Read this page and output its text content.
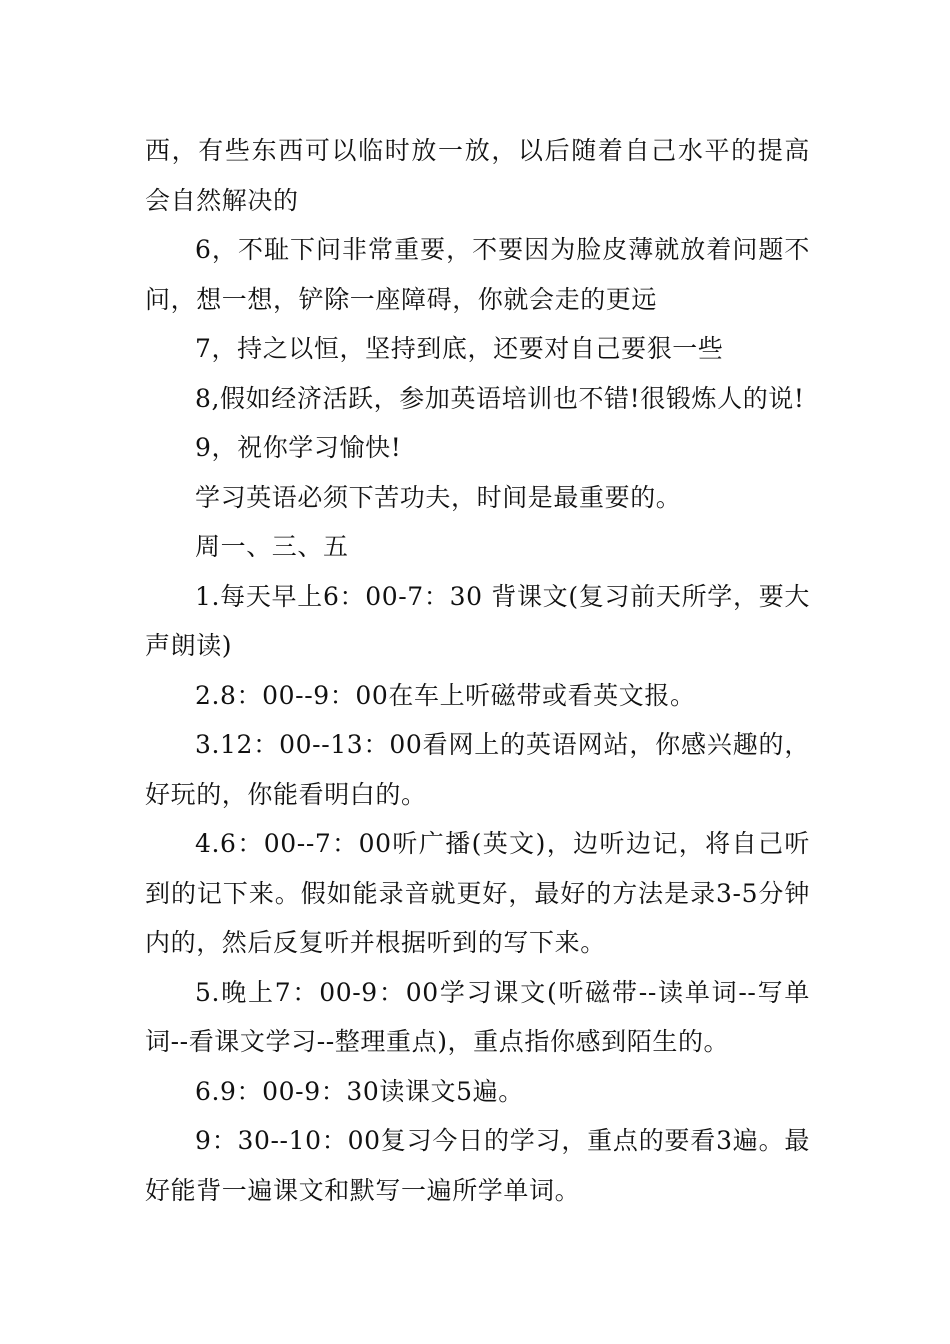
西，有些东西可以临时放一放，以后随着自己水平的提高会自然解决的

6，不耻下问非常重要，不要因为脸皮薄就放着问题不问，想一想，铲除一座障碍，你就会走的更远

7，持之以恒，坚持到底，还要对自己要狠一些

8,假如经济活跃，参加英语培训也不错!很锻炼人的说!

9，祝你学习愉快!

学习英语必须下苦功夫，时间是最重要的。

周一、三、五

1.每天早上6：00-7：30 背课文(复习前天所学，要大声朗读)

2.8：00--9：00在车上听磁带或看英文报。

3.12：00--13：00看网上的英语网站，你感兴趣的，好玩的，你能看明白的。

4.6：00--7：00听广播(英文)，边听边记，将自己听到的记下来。假如能录音就更好，最好的方法是录3-5分钟内的，然后反复听并根据听到的写下来。

5.晚上7：00-9：00学习课文(听磁带--读单词--写单词--看课文学习--整理重点)，重点指你感到陌生的。

6.9：00-9：30读课文5遍。

9：30--10：00复习今日的学习，重点的要看3遍。最好能背一遍课文和默写一遍所学单词。
